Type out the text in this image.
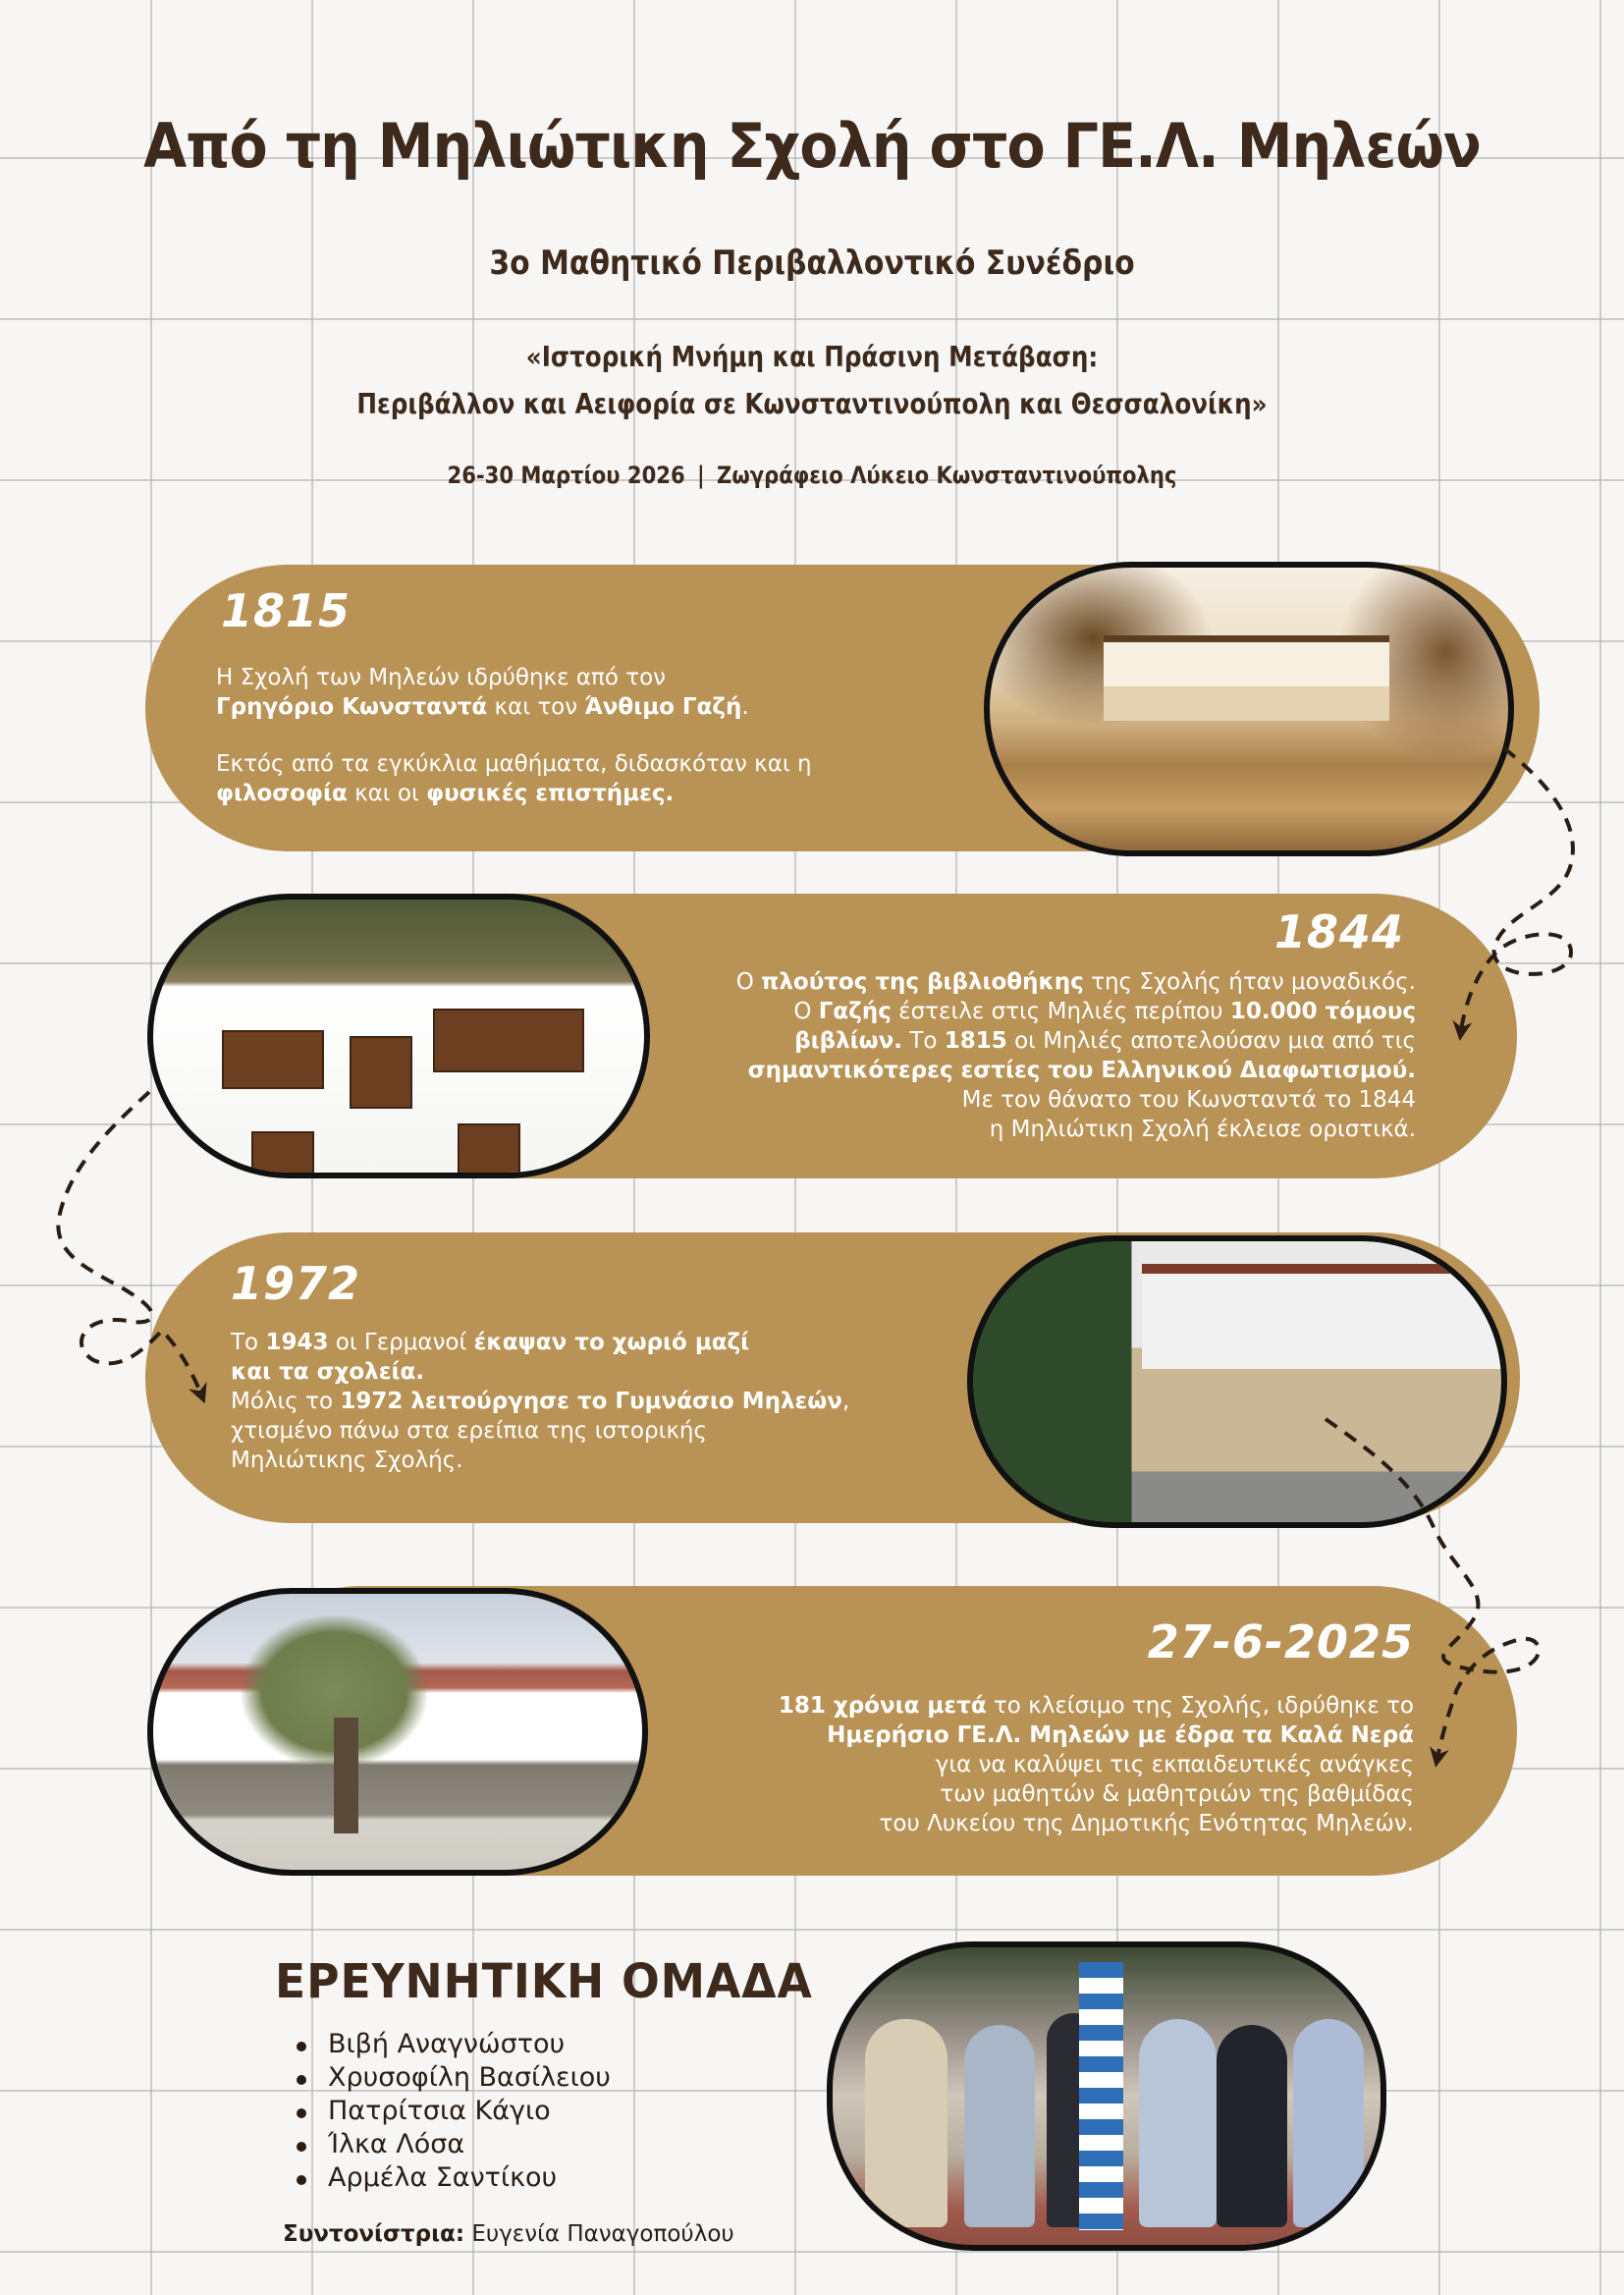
Από τη Μηλιώτικη Σχολή στο ΓΕ.Λ. Μηλεών
3ο Μαθητικό Περιβαλλοντικό Συνέδριο
«Ιστορική Μνήμη και Πράσινη Μετάβαση:
Περιβάλλον και Αειφορία σε Κωνσταντινούπολη και Θεσσαλονίκη»
26-30 Μαρτίου 2026 | Ζωγράφειο Λύκειο Κωνσταντινούπολης
1815
Η Σχολή των Μηλεών ιδρύθηκε από τον
Γρηγόριο Κωνσταντά και τον Άνθιμο Γαζή.
Εκτός από τα εγκύκλια μαθήματα, διδασκόταν και η
φιλοσοφία και οι φυσικές επιστήμες.
1844
Ο πλούτος της βιβλιοθήκης της Σχολής ήταν μοναδικός.
Ο Γαζής έστειλε στις Μηλιές περίπου 10.000 τόμους
βιβλίων. Το 1815 οι Μηλιές αποτελούσαν μια από τις
σημαντικότερες εστίες του Ελληνικού Διαφωτισμού.
Με τον θάνατο του Κωνσταντά το 1844
η Μηλιώτικη Σχολή έκλεισε οριστικά.
1972
Το 1943 οι Γερμανοί έκαψαν το χωριό μαζί
και τα σχολεία.
Μόλις το 1972 λειτούργησε το Γυμνάσιο Μηλεών,
χτισμένο πάνω στα ερείπια της ιστορικής
Μηλιώτικης Σχολής.
27-6-2025
181 χρόνια μετά το κλείσιμο της Σχολής, ιδρύθηκε το
Ημερήσιο ΓΕ.Λ. Μηλεών με έδρα τα Καλά Νερά
για να καλύψει τις εκπαιδευτικές ανάγκες
των μαθητών & μαθητριών της βαθμίδας
του Λυκείου της Δημοτικής Ενότητας Μηλεών.
ΕΡΕΥΝΗΤΙΚΗ ΟΜΑΔΑ
Βιβή Αναγνώστου
Χρυσοφίλη Βασίλειου
Πατρίτσια Κάγιο
Ίλκα Λόσα
Αρμέλα Σαντίκου
Συντονίστρια: Ευγενία Παναγοπούλου
